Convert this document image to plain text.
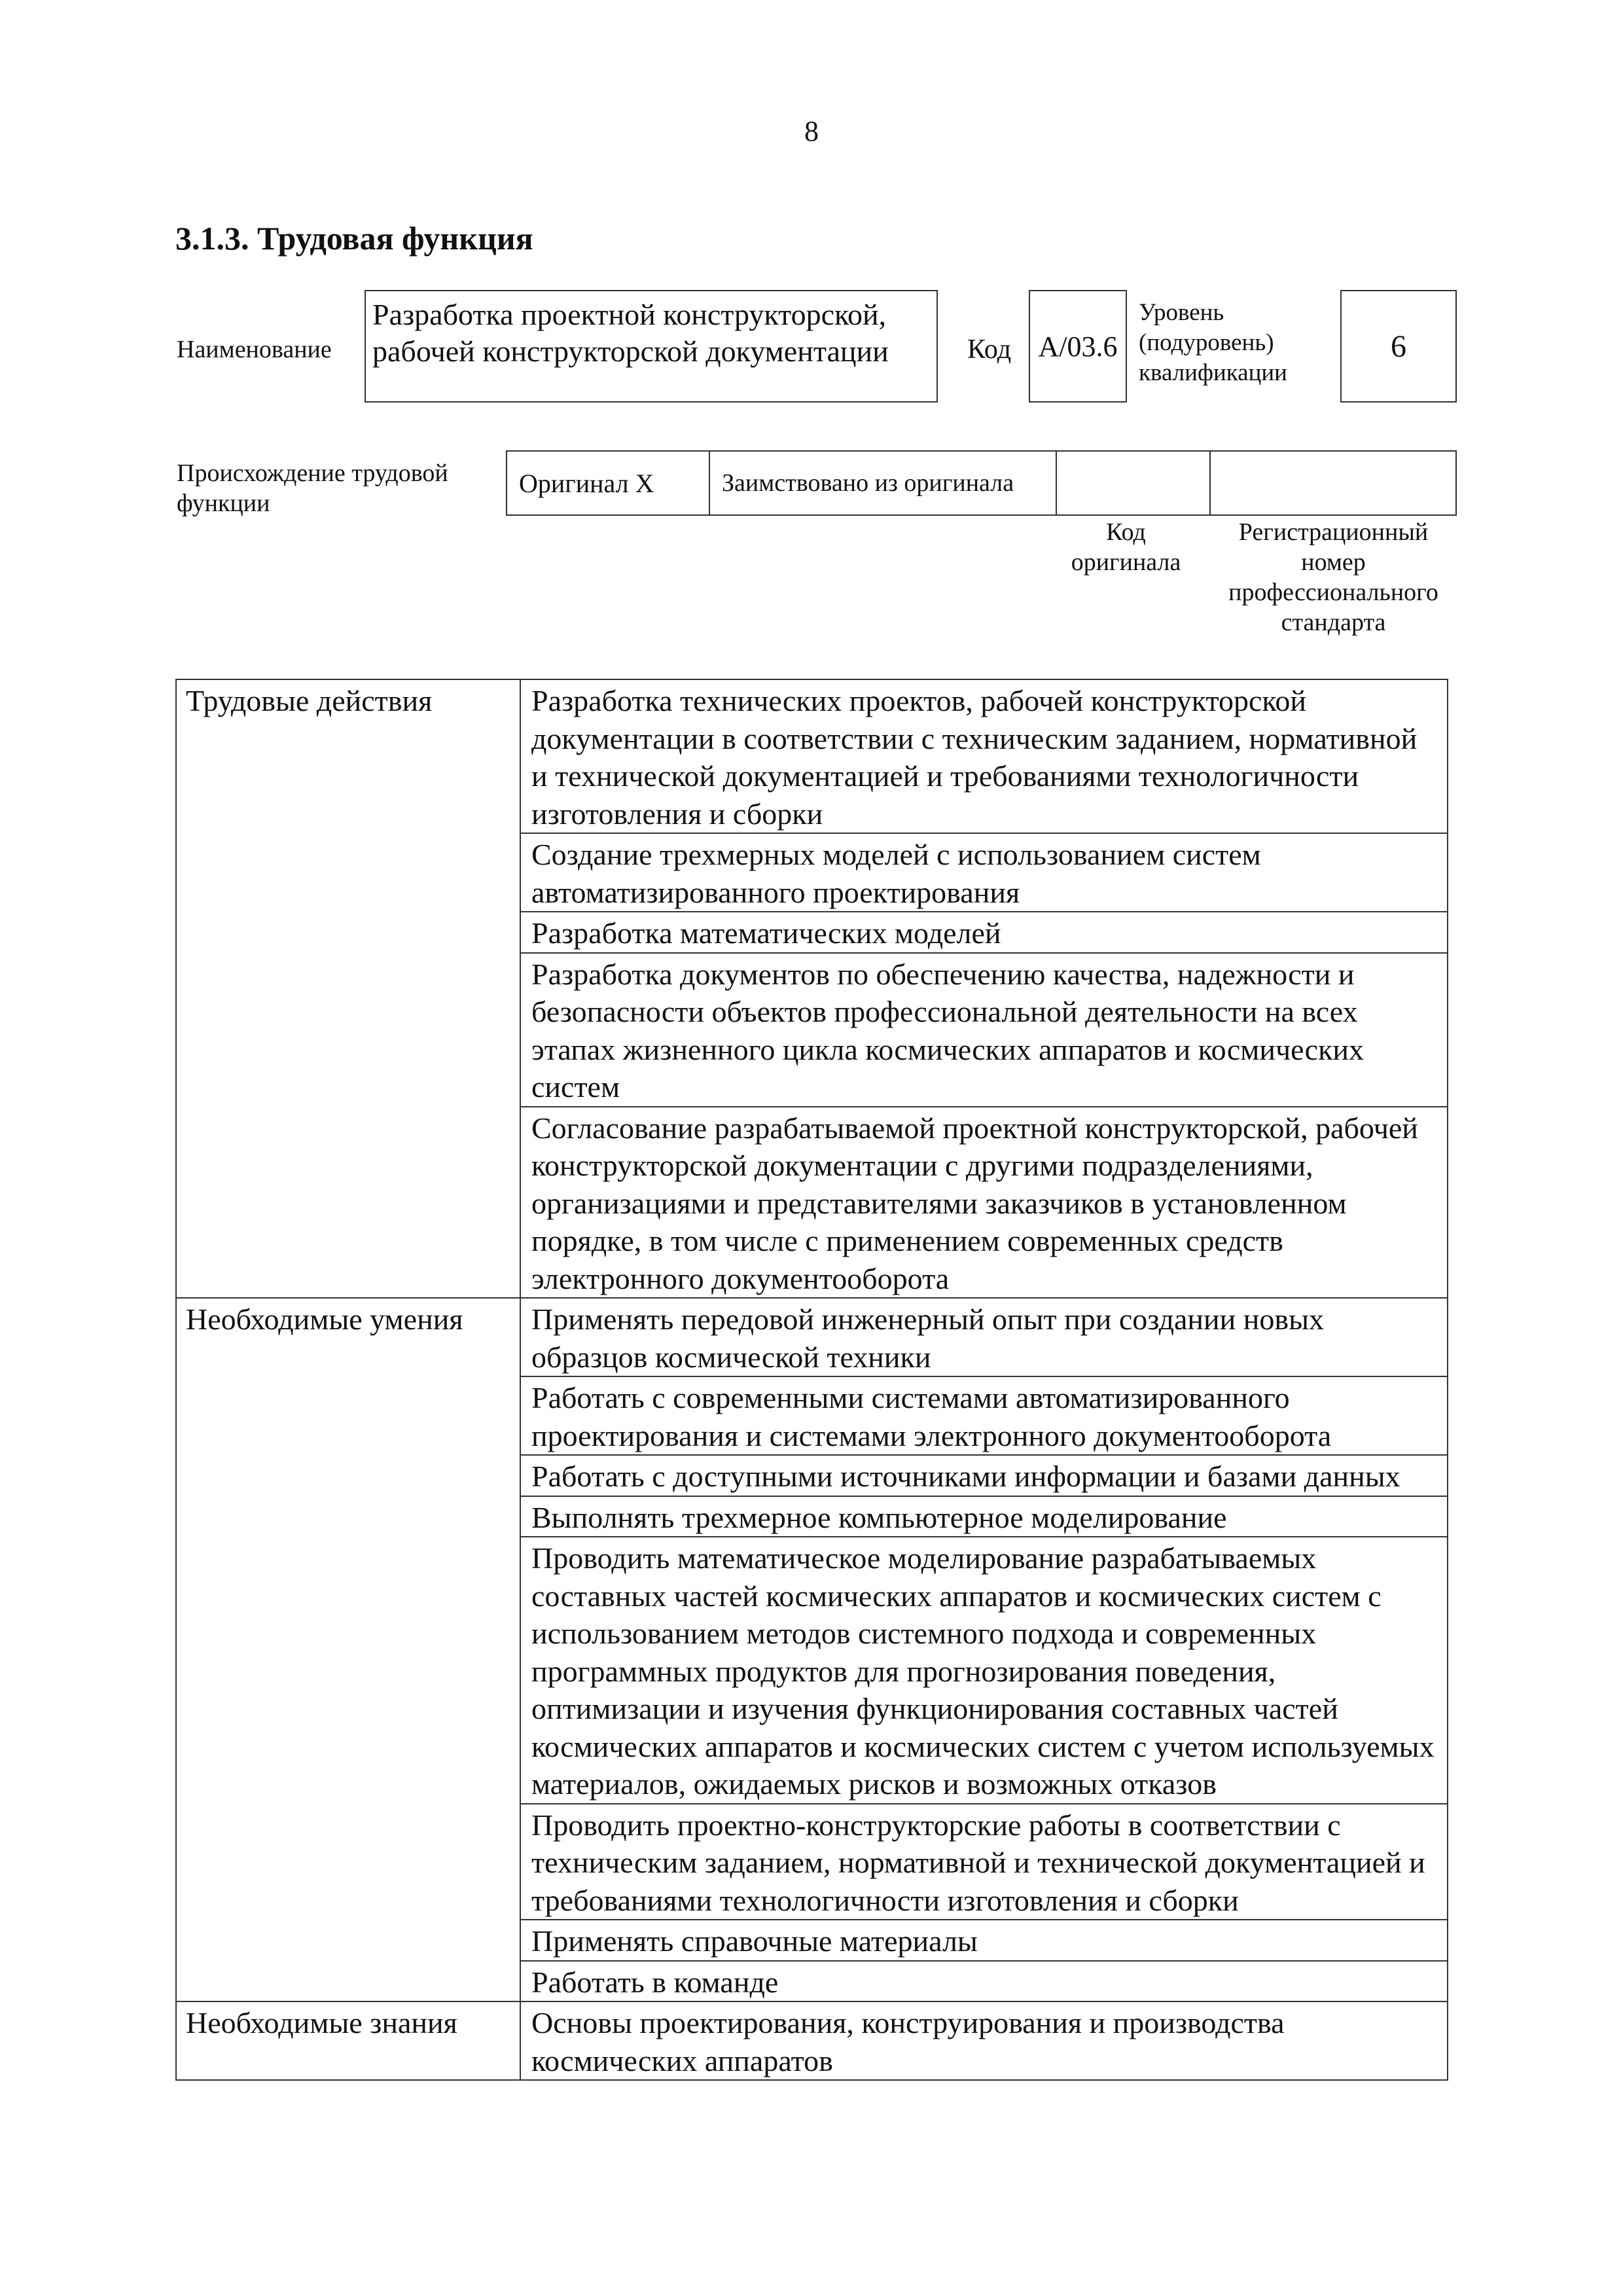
8
3.1.3. Трудовая функция
Наименование
Разработка проектной конструкторской, рабочей конструкторской документации	Код А/03.6
Уровень (подуровень) квалификации
6
Происхождение трудовой функции
Оригинал X	Заимствовано из оригинала
Код оригинала
Регистрационный номер профессионального стандарта
Трудовые действия	Разработка технических проектов, рабочей конструкторской документации в соответствии с техническим заданием, нормативной и технической документацией и требованиями технологичности изготовления и сборки
	Создание трехмерных моделей с использованием систем автоматизированного проектирования
	Разработка математических моделей
	Разработка документов по обеспечению качества, надежности и безопасности объектов профессиональной деятельности на всех этапах жизненного цикла космических аппаратов и космических систем
	Согласование разрабатываемой проектной конструкторской, рабочей конструкторской документации с другими подразделениями, организациями и представителями заказчиков в установленном порядке, в том числе с применением современных средств электронного документооборота
Необходимые умения	Применять передовой инженерный опыт при создании новых образцов космической техники
	Работать с современными системами автоматизированного проектирования и системами электронного документооборота
	Работать с доступными источниками информации и базами данных
	Выполнять трехмерное компьютерное моделирование
	Проводить математическое моделирование разрабатываемых составных частей космических аппаратов и космических систем с использованием методов системного подхода и современных программных продуктов для прогнозирования поведения, оптимизации и изучения функционирования составных частей космических аппаратов и космических систем с учетом используемых материалов, ожидаемых рисков и возможных отказов
	Проводить проектно-конструкторские работы в соответствии с техническим заданием, нормативной и технической документацией и требованиями технологичности изготовления и сборки
	Применять справочные материалы
	Работать в команде
Необходимые знания	Основы проектирования, конструирования и производства космических аппаратов
